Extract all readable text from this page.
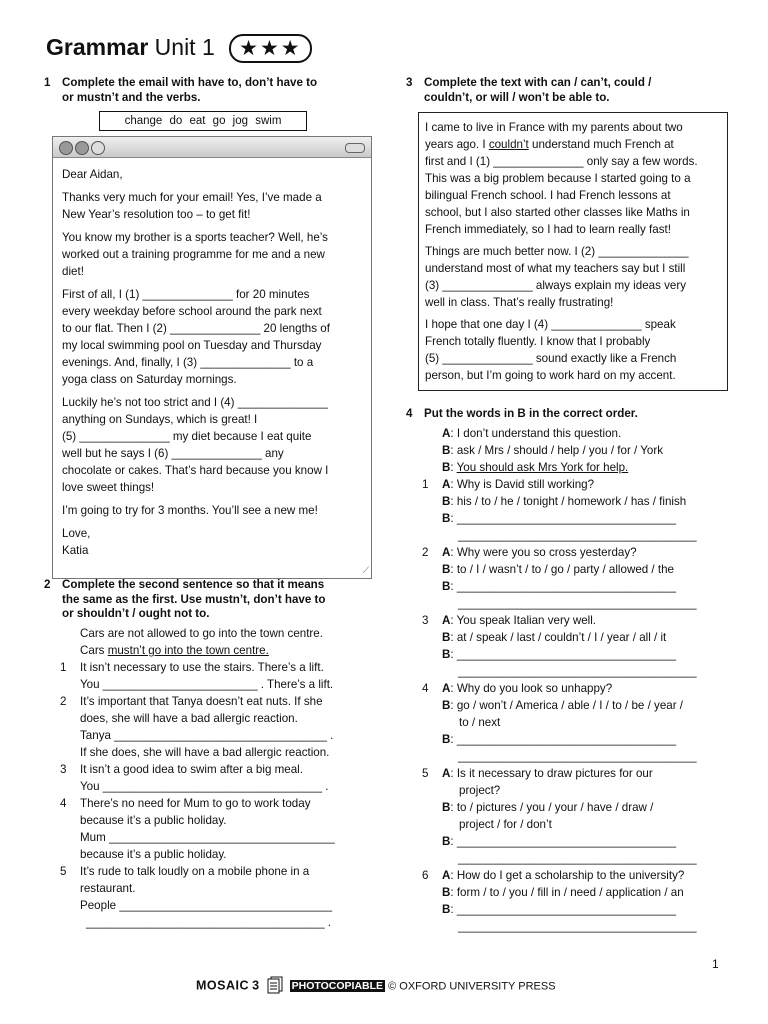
Grammar Unit 1 ★★★
1 Complete the email with have to, don’t have to
or mustn’t and the verbs.
change do eat go jog swim

Dear Aidan,

Thanks very much for your email! Yes, I’ve made a
New Year’s resolution too – to get fit!

You know my brother is a sports teacher? Well, he’s
worked out a training programme for me and a new
diet!

First of all, I (1) ______________ for 20 minutes
every weekday before school around the park next
to our flat. Then I (2) ______________ 20 lengths of
my local swimming pool on Tuesday and Thursday
evenings. And, finally, I (3) ______________ to a
yoga class on Saturday mornings.

Luckily he’s not too strict and I (4) ______________
anything on Sundays, which is great! I
(5) ______________ my diet because I eat quite
well but he says I (6) ______________ any
chocolate or cakes. That’s hard because you know I
love sweet things!

I’m going to try for 3 months. You’ll see a new me!

Love,
Katia

⟋
2 Complete the second sentence so that it means
the same as the first. Use mustn’t, don’t have to
or shouldn’t / ought not to.
Cars are not allowed to go into the town centre.
Cars mustn’t go into the town centre.
1 It isn’t necessary to use the stairs. There’s a lift.
You ________________________ . There’s a lift.
2 It’s important that Tanya doesn’t eat nuts. If she
does, she will have a bad allergic reaction.
Tanya _________________________________ .
If she does, she will have a bad allergic reaction.
3 It isn’t a good idea to swim after a big meal.
You __________________________________ .
4 There’s no need for Mum to go to work today
because it’s a public holiday.
Mum ___________________________________
because it’s a public holiday.
5 It’s rude to talk loudly on a mobile phone in a
restaurant.
People _________________________________
_____________________________________ .
3 Complete the text with can / can’t, could /
couldn’t, or will / won’t be able to.

I came to live in France with my parents about two
years ago. I couldn’t understand much French at
first and I (1) ______________ only say a few words.
This was a big problem because I started going to a
bilingual French school. I had French lessons at
school, but I also started other classes like Maths in
French immediately, so I had to learn really fast!

Things are much better now. I (2) ______________
understand most of what my teachers say but I still
(3) ______________ always explain my ideas very
well in class. That’s really frustrating!

I hope that one day I (4) ______________ speak
French totally fluently. I know that I probably
(5) ______________ sound exactly like a French
person, but I’m going to work hard on my accent.

4 Put the words in B in the correct order.
A: I don’t understand this question.
B: ask / Mrs / should / help / you / for / York
B: You should ask Mrs York for help.
1 A: Why is David still working?
B: his / to / he / tonight / homework / has / finish
B: __________________________________
_____________________________________
2 A: Why were you so cross yesterday?
B: to / I / wasn’t / to / go / party / allowed / the
B: __________________________________
_____________________________________
3 A: You speak Italian very well.
B: at / speak / last / couldn’t / I / year / all / it
B: __________________________________
_____________________________________
4 A: Why do you look so unhappy?
B: go / won’t / America / able / I / to / be / year /
to / next
B: __________________________________
_____________________________________
5 A: Is it necessary to draw pictures for our
project?
B: to / pictures / you / your / have / draw /
project / for / don’t
B: __________________________________
_____________________________________
6 A: How do I get a scholarship to the university?
B: form / to / you / fill in / need / application / an
B: __________________________________
_____________________________________
1
MOSAIC 3	PHOTOCOPIABLE © OXFORD UNIVERSITY PRESS
